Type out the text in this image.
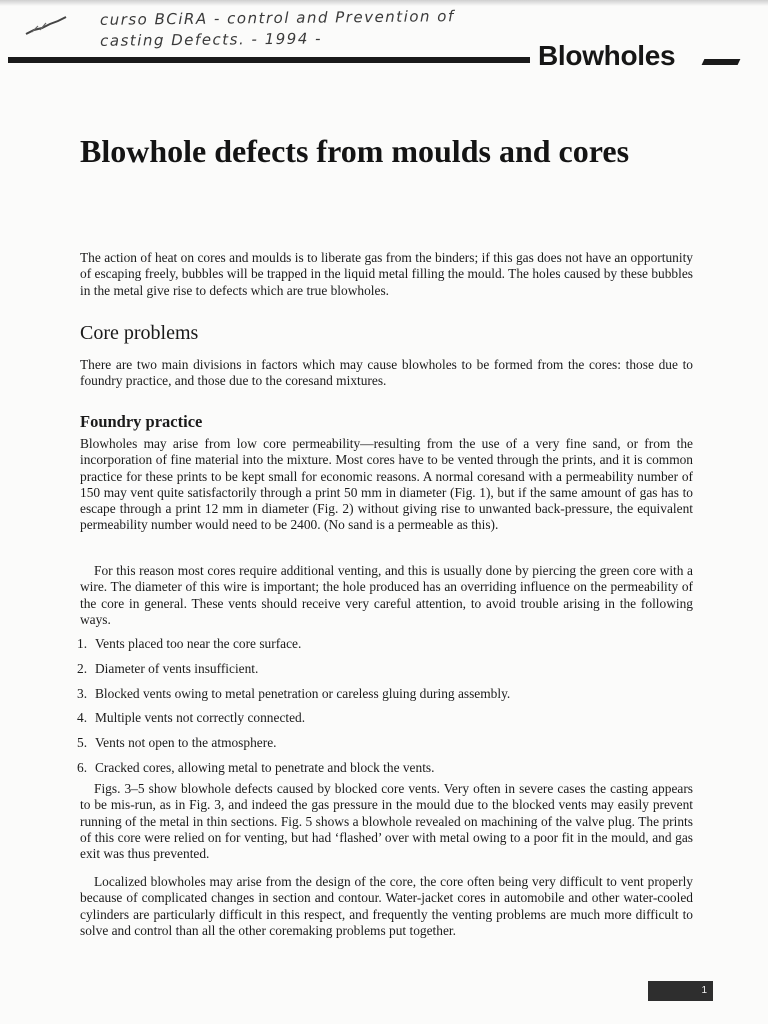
curso BCiRA - control and Prevention of
casting Defects. - 1994 -
Blowholes
Blowhole defects from moulds and cores

The action of heat on cores and moulds is to liberate gas from the binders; if this gas does not have an opportunity of escaping freely, bubbles will be trapped in the liquid metal filling the mould. The holes caused by these bubbles in the metal give rise to defects which are true blowholes.

Core problems

There are two main divisions in factors which may cause blowholes to be formed from the cores: those due to foundry practice, and those due to the coresand mixtures.

Foundry practice

Blowholes may arise from low core permeability—resulting from the use of a very fine sand, or from the incorporation of fine material into the mixture. Most cores have to be vented through the prints, and it is common practice for these prints to be kept small for economic reasons. A normal coresand with a permeability number of 150 may vent quite satisfactorily through a print 50 mm in diameter (Fig. 1), but if the same amount of gas has to escape through a print 12 mm in diameter (Fig. 2) without giving rise to unwanted back-pressure, the equivalent permeability number would need to be 2400. (No sand is a permeable as this).

For this reason most cores require additional venting, and this is usually done by piercing the green core with a wire. The diameter of this wire is important; the hole produced has an overriding influence on the permeability of the core in general. These vents should receive very careful attention, to avoid trouble arising in the following ways.

1. Vents placed too near the core surface.
2. Diameter of vents insufficient.
3. Blocked vents owing to metal penetration or careless gluing during assembly.
4. Multiple vents not correctly connected.
5. Vents not open to the atmosphere.
6. Cracked cores, allowing metal to penetrate and block the vents.

Figs. 3–5 show blowhole defects caused by blocked core vents. Very often in severe cases the casting appears to be mis-run, as in Fig. 3, and indeed the gas pressure in the mould due to the blocked vents may easily prevent running of the metal in thin sections. Fig. 5 shows a blowhole revealed on machining of the valve plug. The prints of this core were relied on for venting, but had ‘flashed’ over with metal owing to a poor fit in the mould, and gas exit was thus prevented.

Localized blowholes may arise from the design of the core, the core often being very difficult to vent properly because of complicated changes in section and contour. Water-jacket cores in automobile and other water-cooled cylinders are particularly difficult in this respect, and frequently the venting problems are much more difficult to solve and control than all the other coremaking problems put together.

1
